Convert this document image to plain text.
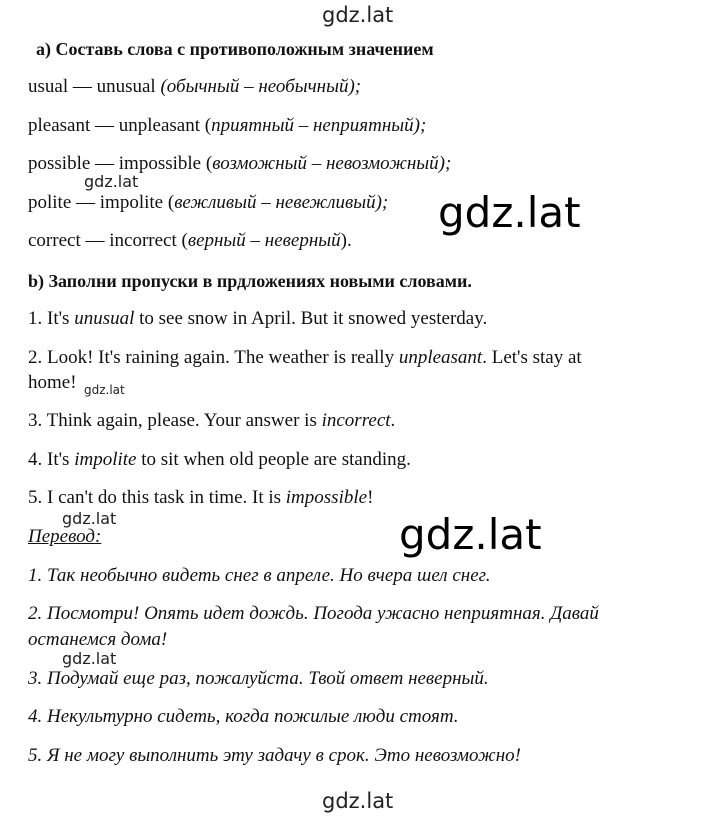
gdz.lat
gdz.lat
gdz.lat
gdz.lat
gdz.lat	gdz.lat
gdz.lat
gdz.lat
a) Составь слова с противоположным значением
usual — unusual (обычный – необычный);
pleasant — unpleasant (приятный – неприятный);
possible — impossible (возможный – невозможный);
polite — impolite (вежливый – невежливый);
correct — incorrect (верный – неверный).
b) Заполни пропуски в прдложениях новыми словами.
1. It's unusual to see snow in April. But it snowed yesterday.
2. Look! It's raining again. The weather is really unpleasant. Let's stay at
home!
3. Think again, please. Your answer is incorrect.
4. It's impolite to sit when old people are standing.
5. I can't do this task in time. It is impossible!
Перевод:
1. Так необычно видеть снег в апреле. Но вчера шел снег.
2. Посмотри! Опять идет дождь. Погода ужасно неприятная. Давай
останемся дома!
3. Подумай еще раз, пожалуйста. Твой ответ неверный.
4. Некультурно сидеть, когда пожилые люди стоят.
5. Я не могу выполнить эту задачу в срок. Это невозможно!
